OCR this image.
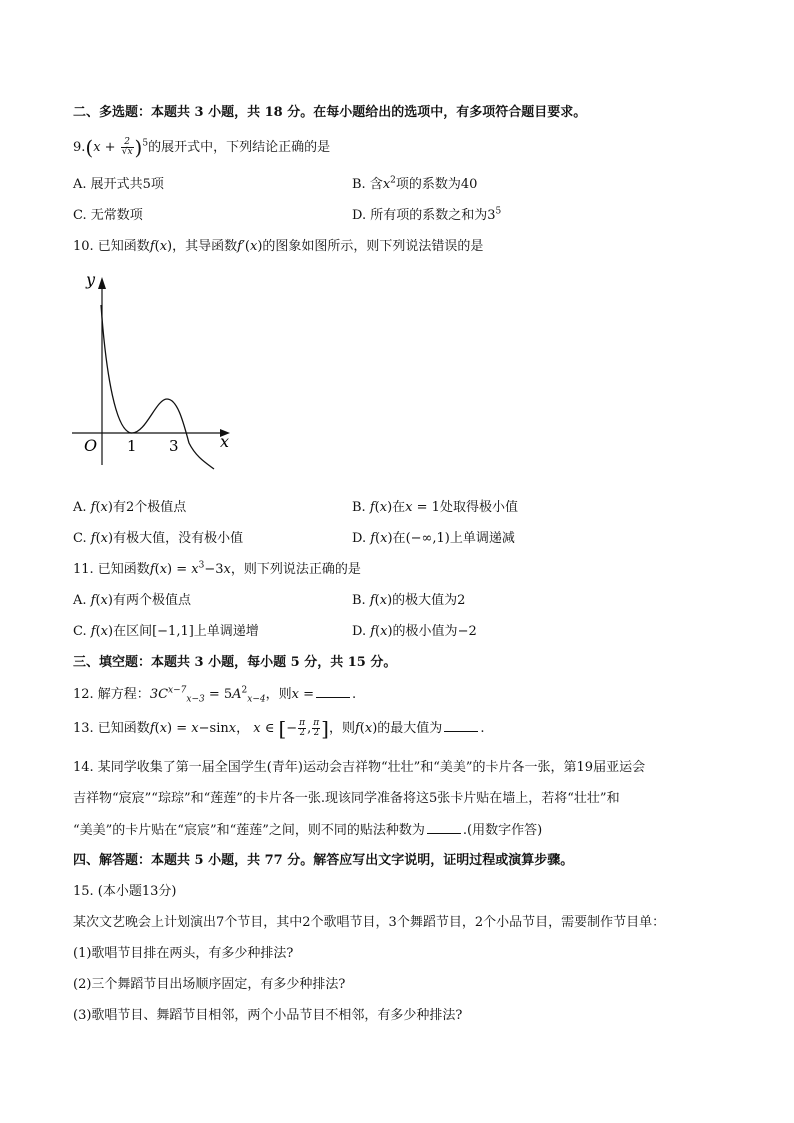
二、多选题：本题共 3 小题，共 18 分。在每小题给出的选项中，有多项符合题目要求。
$9.(x + \frac{2}{√x} )^5$的展开式中，下列结论正确的是
A. 展开式共5项	B. 含$x^2$项的系数为40
C. 无常数项	D. 所有项的系数之和为$3^5$
10. 已知函数f(x)，其导函数f′(x)的图象如图所示，则下列说法错误的是
y
O 1 3	x
A. f(x)有2个极值点	B. f(x)在x = 1处取得极小值
C. f(x)有极大值，没有极小值	D. f(x)在(−∞,1)上单调递减
11. 已知函数$f(x) = x^3-3x$，则下列说法正确的是
A. f(x)有两个极值点	B. f(x)的极大值为2
C. f(x)在区间[−1,1]上单调递增	D. f(x)的极小值为−2
三、填空题：本题共 3 小题，每小题 5 分，共 15 分。
12. 解方程：$3C^{x-7}_{x-3} = 5A^2_{x-4}$，则x =	.
13. 已知函数f(x) = x−sinx， x ∈ [− $\frac{\pi}{2}$ , $\frac{\pi}{2}$ ]，则f(x)的最大值为	.
14. 某同学收集了第一届全国学生(青年)运动会吉祥物“壮壮”和“美美”的卡片各一张，第19届亚运会
吉祥物“宸宸”“琮琮”和“莲莲”的卡片各一张.现该同学准备将这5张卡片贴在墙上，若将“壮壮”和
“美美”的卡片贴在“宸宸”和“莲莲”之间，则不同的贴法种数为	.(用数字作答)
四、解答题：本题共 5 小题，共 77 分。解答应写出文字说明，证明过程或演算步骤。
15. (本小题13分)
某次文艺晚会上计划演出7个节目，其中2个歌唱节目，3个舞蹈节目，2个小品节目，需要制作节目单：
(1)歌唱节目排在两头，有多少种排法?
(2)三个舞蹈节目出场顺序固定，有多少种排法?
(3)歌唱节目、舞蹈节目相邻，两个小品节目不相邻，有多少种排法?
